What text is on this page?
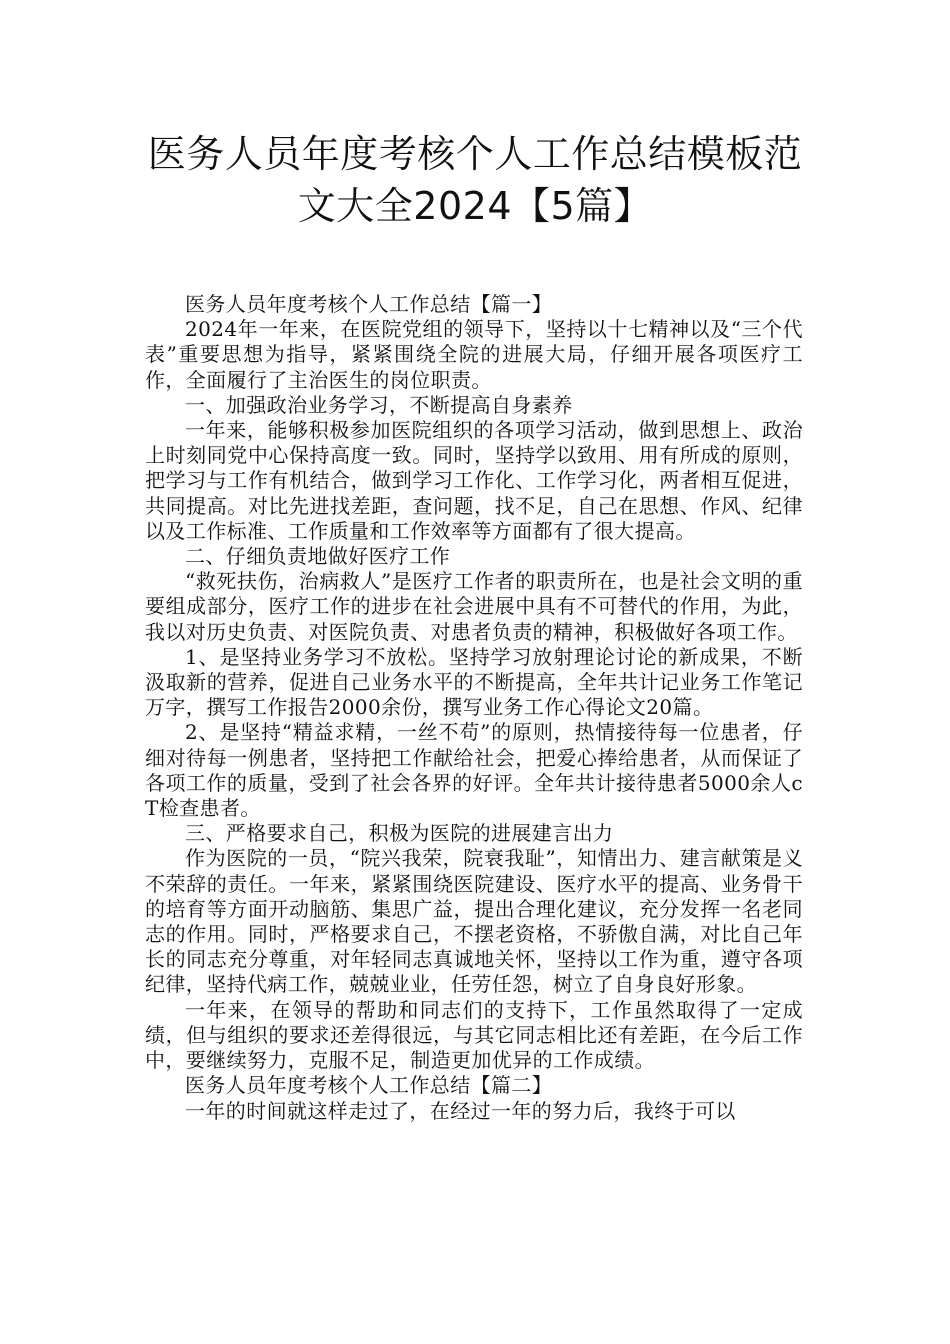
医务人员年度考核个人工作总结模板范
文大全2024【5篇】

医务人员年度考核个人工作总结【篇一】

2024年一年来，在医院党组的领导下，坚持以十七精神以及“三个代表”重要思想为指导，紧紧围绕全院的进展大局，仔细开展各项医疗工作，全面履行了主治医生的岗位职责。

一、加强政治业务学习，不断提高自身素养

一年来，能够积极参加医院组织的各项学习活动，做到思想上、政治上时刻同党中心保持高度一致。同时，坚持学以致用、用有所成的原则，把学习与工作有机结合，做到学习工作化、工作学习化，两者相互促进，共同提高。对比先进找差距，查问题，找不足，自己在思想、作风、纪律以及工作标准、工作质量和工作效率等方面都有了很大提高。

二、仔细负责地做好医疗工作

“救死扶伤，治病救人”是医疗工作者的职责所在，也是社会文明的重要组成部分，医疗工作的进步在社会进展中具有不可替代的作用，为此，我以对历史负责、对医院负责、对患者负责的精神，积极做好各项工作。

1、是坚持业务学习不放松。坚持学习放射理论讨论的新成果，不断汲取新的营养，促进自己业务水平的不断提高，全年共计记业务工作笔记万字，撰写工作报告2000余份，撰写业务工作心得论文20篇。

2、是坚持“精益求精，一丝不苟”的原则，热情接待每一位患者，仔细对待每一例患者，坚持把工作献给社会，把爱心捧给患者，从而保证了各项工作的质量，受到了社会各界的好评。全年共计接待患者5000余人cT检查患者。

三、严格要求自己，积极为医院的进展建言出力

作为医院的一员，“院兴我荣，院衰我耻”，知情出力、建言献策是义不荣辞的责任。一年来，紧紧围绕医院建设、医疗水平的提高、业务骨干的培育等方面开动脑筋、集思广益，提出合理化建议，充分发挥一名老同志的作用。同时，严格要求自己，不摆老资格，不骄傲自满，对比自己年长的同志充分尊重，对年轻同志真诚地关怀，坚持以工作为重，遵守各项纪律，坚持代病工作，兢兢业业，任劳任怨，树立了自身良好形象。

一年来，在领导的帮助和同志们的支持下，工作虽然取得了一定成绩，但与组织的要求还差得很远，与其它同志相比还有差距，在今后工作中，要继续努力，克服不足，制造更加优异的工作成绩。

医务人员年度考核个人工作总结【篇二】

一年的时间就这样走过了，在经过一年的努力后，我终于可以
